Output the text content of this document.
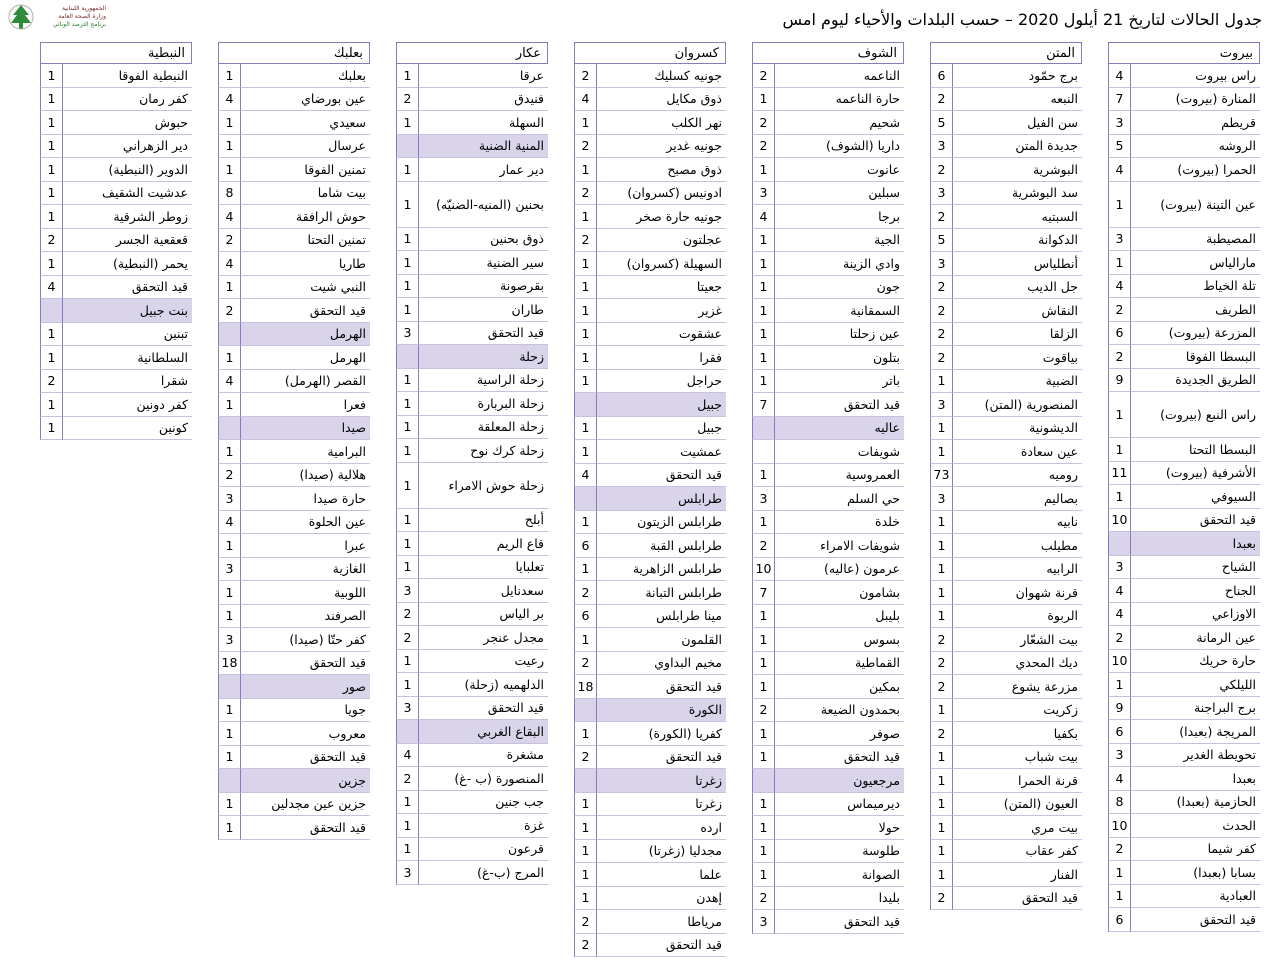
الجمهورية اللبنانية
وزارة الصحة العامة
برنامج الترصد الوبائي	جدول الحالات لتاريخ 21 أيلول 2020 – حسب البلدات والأحياء ليوم امس
بيروت
راس بيروت
4
المنارة (بيروت)
7
قريطم
3
الروشه
5
الحمرا (بيروت)
4
عين التينة (بيروت)
1
المصيطبة
3
مارالياس
1
تلة الخياط
4
الطريف
2
المزرعة (بيروت)
6
البسطا الفوقا
2
الطريق الجديدة
9
راس النبع (بيروت)
1
البسطا التحتا
1
الأشرفية (بيروت)
11
السيوفي
1
قيد التحقق
10
بعبدا
الشياح
3
الجناح
4
الاوزاعي
4
عين الرمانة
2
حارة حريك
10
الليلكي
1
برج البراجنة
9
المريجة (بعبدا)
6
تحويطة الغدير
3
بعبدا
4
الحازمية (بعبدا)
8
الحدث
10
كفر شيما
2
بسابا (بعبدا)
1
العبادية
1
قيد التحقق
6
المتن
برج حمّود
6
النبعه
2
سن الفيل
5
جديدة المتن
3
البوشرية
2
سد البوشرية
3
السبتيه
2
الدكوانة
5
أنطلياس
3
جل الديب
2
النقاش
2
الزلقا
2
بياقوت
2
الضبية
1
المنصورية (المتن)
3
الديشونية
1
عين سعادة
1
روميه
73
بصاليم
3
نابيه
1
مطيلب
1
الرابيه
1
قرنة شهوان
1
الربوة
1
بيت الشعّار
2
ديك المحدي
2
مزرعة يشوع
2
زكريت
1
بكفيا
2
بيت شباب
1
قرنة الحمرا
1
العيون (المتن)
1
بيت مري
1
كفر عقاب
1
الفنار
1
قيد التحقق
2
الشوف
الناعمه
2
حارة الناعمه
1
شحيم
2
داريا (الشوف)
2
عانوت
1
سبلين
3
برجا
4
الجية
1
وادي الزينة
1
جون
1
السمقانية
1
عين زحلتا
1
بتلون
1
باتر
1
قيد التحقق
7
عاليه
شويفات
العمروسية
1
حي السلم
3
خلدة
1
شويفات الامراء
2
عرمون (عاليه)
10
بشامون
7
بليبل
1
بسوس
1
القماطية
1
بمكين
1
بحمدون الضيعة
2
صوفر
1
قيد التحقق
1
مرجعيون
ديرميماس
1
حولا
1
طلوسة
1
الصوانة
1
بليدا
2
قيد التحقق
3
كسروان
جونيه كسليك
2
ذوق مكايل
4
نهر الكلب
1
جونيه غدير
2
ذوق مصبح
1
ادونيس (كسروان)
2
جونيه حارة صخر
1
عجلتون
2
السهيلة (كسروان)
1
جعيتا
1
غزير
1
عشقوت
1
فقرا
1
حراجل
1
جبيل
جبيل
1
عمشيت
1
قيد التحقق
4
طرابلس
طرابلس الزيتون
1
طرابلس القبة
6
طرابلس الزاهرية
1
طرابلس التبانة
2
مينا طرابلس
6
القلمون
1
مخيم البداوي
2
قيد التحقق
18
الكورة
كفريا (الكورة)
1
قيد التحقق
2
زغرتا
زغرتا
1
ارده
1
مجدليا (زغرتا)
1
علما
1
إهدن
1
مرياطا
2
قيد التحقق
2
عكار
عرقا
1
فنيدق
2
السهلة
1
المنية الضنية
دير عمار
1
بحنين (المنيه-الضنيّه)
1
ذوق بحنين
1
سير الضنية
1
بقرصونة
1
طاران
1
قيد التحقق
3
زحلة
زحلة الراسية
1
زحلة البربارة
1
زحلة المعلقة
1
زحلة كرك نوح
1
زحلة حوش الامراء
1
أبلح
1
قاع الريم
1
تعلبايا
1
سعدنايل
3
بر الياس
2
مجدل عنجر
2
رعيت
1
الدلهميه (زحلة)
1
قيد التحقق
3
البقاع الغربي
مشغرة
4
المنصورة (ب -غ)
2
جب جنين
1
غزة
1
قرعون
1
المرج (ب-غ)
3
بعلبك
بعلبك
1
عين بورضاي
4
سعيدي
1
عرسال
1
تمنين الفوقا
1
بيت شاما
8
حوش الرافقة
4
تمنين التحتا
2
طاريا
4
النبي شيت
1
قيد التحقق
2
الهرمل
الهرمل
1
القصر (الهرمل)
4
فعرا
1
صيدا
البرامية
1
هلالية (صيدا)
2
حارة صيدا
3
عين الحلوة
4
عبرا
1
الغازية
3
اللوبية
1
الصرفند
1
كفر حتّا (صيدا)
3
قيد التحقق
18
صور
جويا
1
معروب
1
قيد التحقق
1
جزين
جزين عين مجدلين
1
قيد التحقق
1
النبطية
النبطية الفوقا
1
كفر رمان
1
حبوش
1
دير الزهراني
1
الدوير (النبطية)
1
عدشيت الشقيف
1
زوطر الشرقية
1
قعقعية الجسر
2
يحمر (النبطية)
1
قيد التحقق
4
بنت جبيل
تبنين
1
السلطانية
1
شقرا
2
كفر دونين
1
كونين
1
